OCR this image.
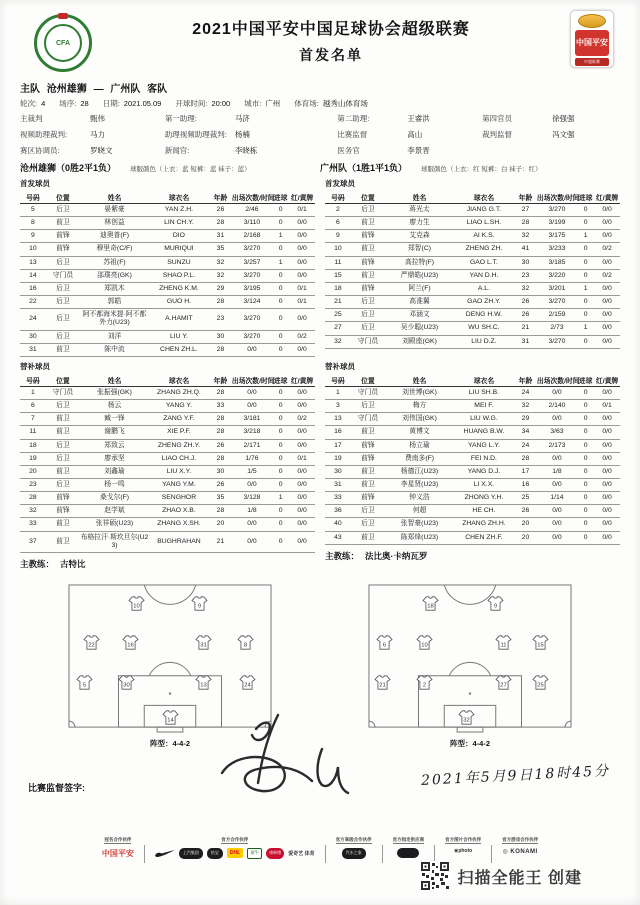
CFA
2021中国平安中国足球协会超级联赛
首发名单
中国平安
中超联赛
主队 沧州雄狮 — 广州队 客队
轮次: 4 场序: 28 日期: 2021.05.09 开球时间: 20:00 城市: 广州 体育场: 越秀山体育场
主裁判	甄伟	第一助理:	马济	第二助理:	王睿洪	第四官员	徐强强
视频助理裁判:	马力	助理视频助理裁判: 杨楠	比赛监督	高山	裁判监督	冯文强
赛区协调员:	罗晓文	新闻官:	李晓栋	医务官	李景晋
沧州雄狮（0胜2平1负） 球服颜色（上衣：蓝 短裤：蓝 袜子：蓝）	广州队（1胜1平1负） 球服颜色（上衣：红 短裤：白 袜子：红）
首发球员
号码	位置	姓名	球衣名	年龄	出场次数/时间	进球	红/黄牌
5	后卫	晏紫豪	YAN Z.H.	26	2/46	0	0/1
8	前卫	林创益	LIN CH.Y.	28	3/110	0	0/0
9	前锋	迪奥普(F)	DIO	31	2/168	1	0/0
10	前锋	穆里奇(C/F)	MURIQUI	35	3/270	0	0/0
13	后卫	苏祖(F)	SUNZU	32	3/257	1	0/0
14	守门员	邵璞亮(GK)	SHAO P.L.	32	3/270	0	0/0
16	后卫	郑凯木	ZHENG K.M.	29	3/195	0	0/1
22	后卫	郭皓	GUO H.	28	3/124	0	0/1
24	后卫	阿不都海米提·阿不都外力(U23)	A.HAMIT	23	3/270	0	0/0
30	后卫	刘洋	LIU Y.	30	3/270	0	0/2
31	前卫	陈中流	CHEN ZH.L.	28	0/0	0	0/0
首发球员
号码	位置	姓名	球衣名	年龄	出场次数/时间	进球	红/黄牌
2	后卫	蒋光太	JIANG G.T.	27	3/270	0	0/0
6	前卫	廖力生	LIAO L.SH.	28	3/199	0	0/0
9	前锋	艾克森	AI K.S.	32	3/175	1	0/0
10	前卫	郑智(C)	ZHENG ZH.	41	3/233	0	0/2
11	前锋	高拉特(F)	GAO L.T.	30	3/185	0	0/0
15	前卫	严鼎皓(U23)	YAN D.H.	23	3/220	0	0/2
18	前锋	阿兰(F)	A.L.	32	3/201	1	0/0
21	后卫	高准翼	GAO ZH.Y.	26	3/270	0	0/0
25	后卫	邓涵文	DENG H.W.	26	2/159	0	0/0
27	后卫	吴少聪(U23)	WU SH.C.	21	2/73	1	0/0
32	守门员	刘殿座(GK)	LIU D.Z.	31	3/270	0	0/0
替补球员
号码	位置	姓名	球衣名	年龄	出场次数/时间	进球	红/黄牌
1	守门员	张振强(GK)	ZHANG ZH.Q.	28	0/0	0	0/0
6	后卫	杨云	YANG Y.	33	0/0	0	0/0
7	前卫	臧一锋	ZANG Y.F.	28	3/181	0	0/2
11	前卫	谢鹏飞	XIE P.F.	28	3/218	0	0/0
18	后卫	郑致云	ZHENG ZH.Y.	26	2/171	0	0/0
19	后卫	廖承坚	LIAO CH.J.	28	1/76	0	0/1
20	前卫	刘鑫瑜	LIU X.Y.	30	1/5	0	0/0
23	后卫	杨一鸣	YANG Y.M.	26	0/0	0	0/0
28	前锋	桑戈尔(F)	SENGHOR	35	3/128	1	0/0
32	前锋	赵学斌	ZHAO X.B.	28	1/8	0	0/0
33	前卫	张祥硕(U23)	ZHANG X.SH.	20	0/0	0	0/0
37	前卫	布格拉汗·斯坎旦尔(U23)	BUGHRAHAN	21	0/0	0	0/0
主教练： 古特比
替补球员
号码	位置	姓名	球衣名	年龄	出场次数/时间	进球	红/黄牌
1	守门员	刘世博(GK)	LIU SH.B.	24	0/0	0	0/0
3	后卫	梅方	MEI F.	32	2/140	0	0/1
13	守门员	刘伟国(GK)	LIU W.G.	29	0/0	0	0/0
16	前卫	黄博文	HUANG B.W.	34	3/63	0	0/0
17	前锋	杨立瑜	YANG L.Y.	24	2/173	0	0/0
19	前锋	费南多(F)	FEI N.D.	28	0/0	0	0/0
30	前卫	杨德江(U23)	YANG D.J.	17	1/8	0	0/0
31	前卫	李星贤(U23)	LI X.X.	16	0/0	0	0/0
33	前锋	钟义浩	ZHONG Y.H.	25	1/14	0	0/0
36	后卫	何超	HE CH.	26	0/0	0	0/0
40	后卫	张智豪(U23)	ZHANG ZH.H.	20	0/0	0	0/0
43	前卫	陈郑烽(U23)	CHEN ZH.F.	20	0/0	0	0/0
主教练： 法比奥·卡纳瓦罗
10	9
22	16	31	8
5	30	13	24
14
阵型：4-4-2
18	9
6	10	11	15
21	2	27	25
32
阵型：4-4-2
比赛监督签字:	2021年5月9日18时45分
冠名合作伙伴
中国平安
官方合作伙伴
上汽集团	怡宝	DHL	蒙牛	康师傅	爱奇艺 体育
官方高级合作伙伴
汽车之家
官方指定供应商	官方图片合作伙伴
◉photo
官方游戏合作伙伴
◎ KONAMI
扫描全能王 创建
